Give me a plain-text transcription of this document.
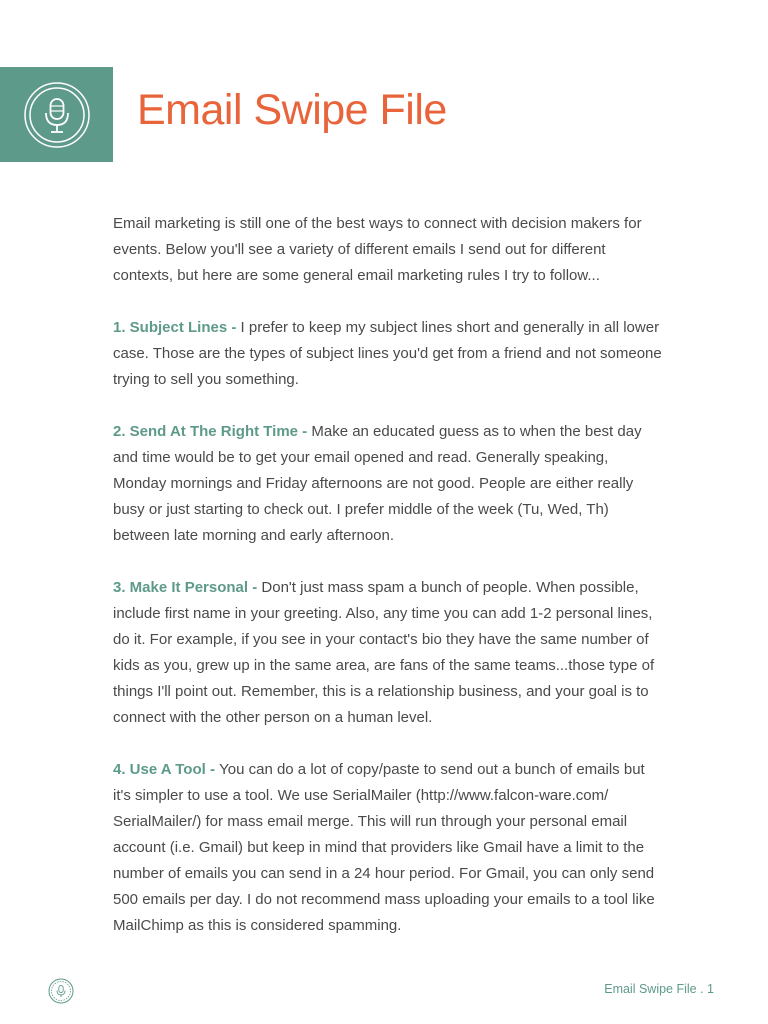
Email Swipe File

Email marketing is still one of the best ways to connect with decision makers for events. Below you'll see a variety of different emails I send out for different contexts, but here are some general email marketing rules I try to follow...

1. Subject Lines - I prefer to keep my subject lines short and generally in all lower case. Those are the types of subject lines you'd get from a friend and not someone trying to sell you something.

2. Send At The Right Time - Make an educated guess as to when the best day and time would be to get your email opened and read. Generally speaking, Monday mornings and Friday afternoons are not good. People are either really busy or just starting to check out. I prefer middle of the week (Tu, Wed, Th) between late morning and early afternoon.

3. Make It Personal - Don't just mass spam a bunch of people. When possible, include first name in your greeting. Also, any time you can add 1-2 personal lines, do it. For example, if you see in your contact's bio they have the same number of kids as you, grew up in the same area, are fans of the same teams...those type of things I'll point out. Remember, this is a relationship business, and your goal is to connect with the other person on a human level.

4. Use A Tool - You can do a lot of copy/paste to send out a bunch of emails but it's simpler to use a tool. We use SerialMailer (http://www.falcon-ware.com/ SerialMailer/) for mass email merge. This will run through your personal email account (i.e. Gmail) but keep in mind that providers like Gmail have a limit to the number of emails you can send in a 24 hour period. For Gmail, you can only send 500 emails per day. I do not recommend mass uploading your emails to a tool like MailChimp as this is considered spamming.

Email Swipe File . 1
